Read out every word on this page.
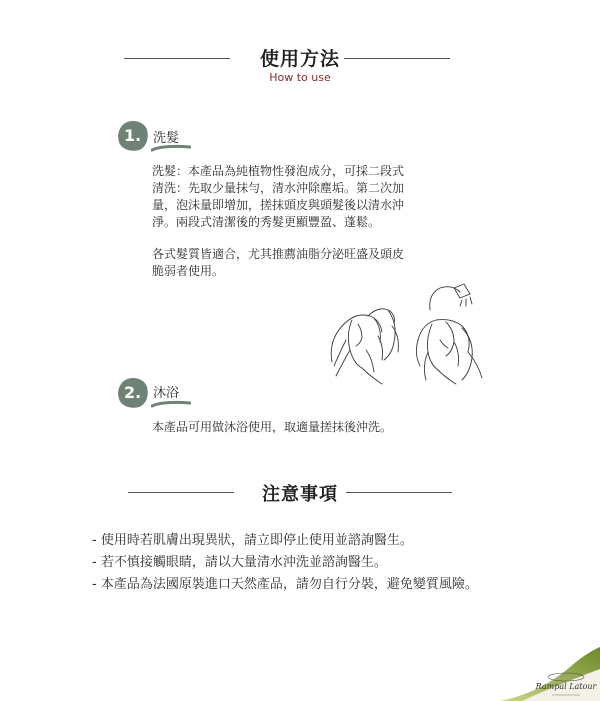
使用方法
How to use
1. 洗髮

洗髮：本產品為純植物性發泡成分，可採二段式
清洗：先取少量抹勻，清水沖除塵垢。第二次加
量，泡沫量即增加，搓抹頭皮與頭髮後以清水沖
淨。兩段式清潔後的秀髮更顯豐盈、蓬鬆。

各式髮質皆適合，尤其推薦油脂分泌旺盛及頭皮
脆弱者使用。

2. 沐浴

本產品可用做沐浴使用，取適量搓抹後沖洗。

注意事項
- 使用時若肌膚出現異狀，請立即停止使用並諮詢醫生。
- 若不慎接觸眼睛，請以大量清水沖洗並諮詢醫生。
- 本產品為法國原裝進口天然產品，請勿自行分裝，避免變質風險。
Rampal Latour
